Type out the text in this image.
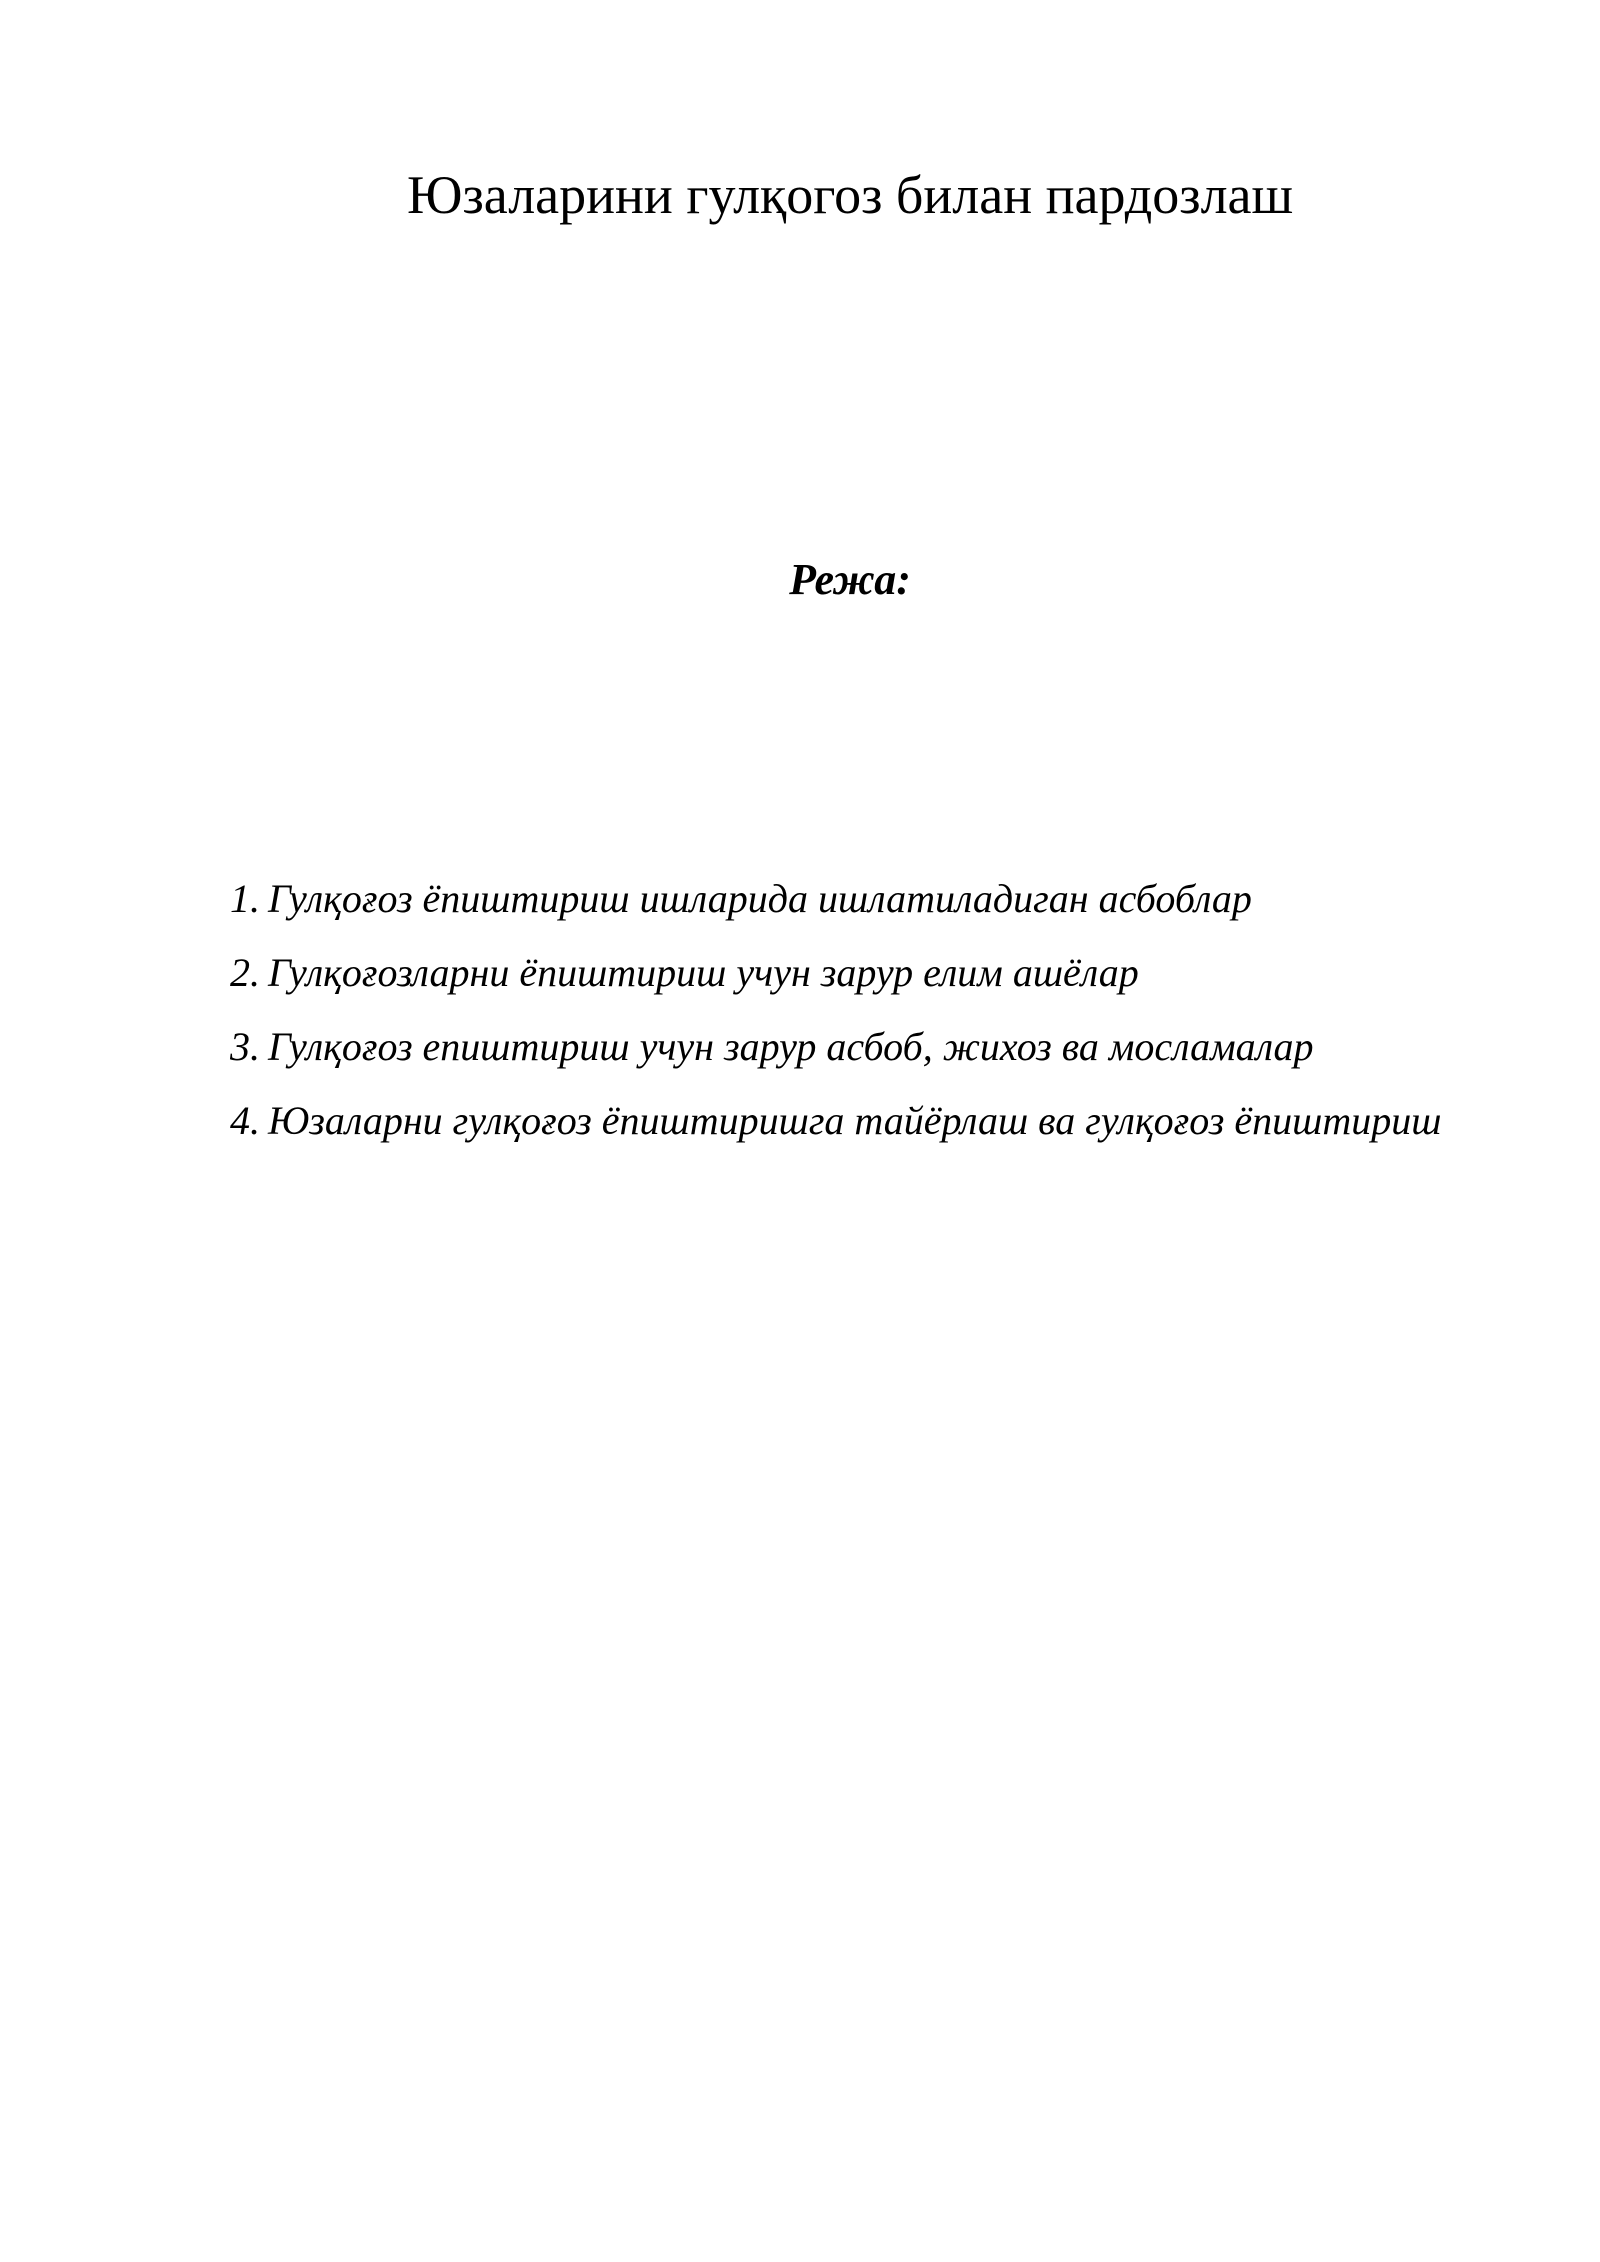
Юзаларини гулқогоз билан пардозлаш
Режа:
1. Гулқоғоз ёпиштириш ишларида ишлатиладиган асбоблар
2. Гулқоғозларни ёпиштириш учун зарур елим ашёлар
3. Гулқоғоз епиштириш учун зарур асбоб, жихоз ва мосламалар
4. Юзаларни гулқоғоз ёпиштиришга тайёрлаш ва гулқоғоз ёпиштириш
